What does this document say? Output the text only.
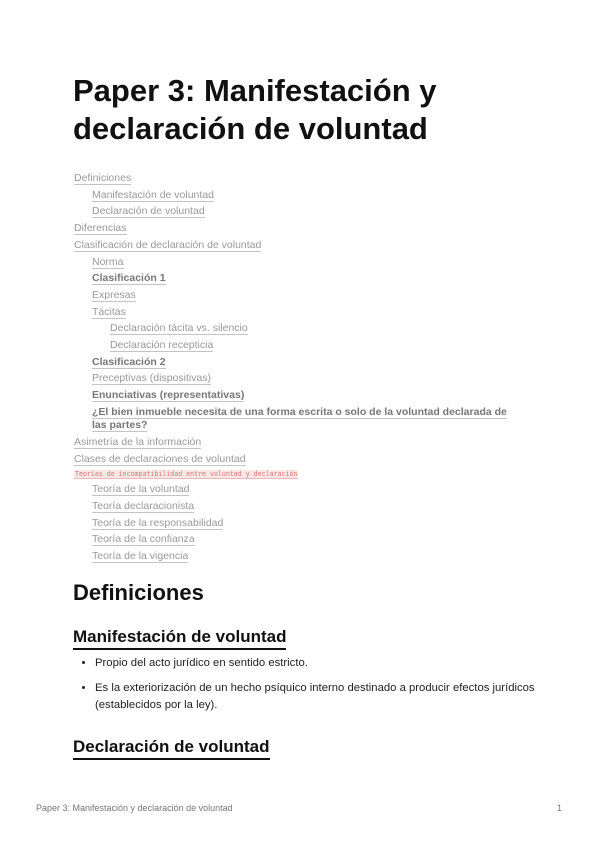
Paper 3: Manifestación y declaración de voluntad
Definiciones
Manifestación de voluntad
Declaración de voluntad
Diferencias
Clasificación de declaración de voluntad
Norma
Clasificación 1
Expresas
Tácitas
Declaración tácita vs. silencio
Declaración recepticia
Clasificación 2
Preceptivas (dispositivas)
Enunciativas (representativas)
¿El bien inmueble necesita de una forma escrita o solo de la voluntad declarada de las partes?
Asimetría de la información
Clases de declaraciones de voluntad
Teorías de incompatibilidad entre voluntad y declaración
Teoría de la voluntad
Teoría declaracionista
Teoría de la responsabilidad
Teoría de la confianza
Teoría de la vigencia
Definiciones
Manifestación de voluntad
• Propio del acto jurídico en sentido estricto.
• Es la exteriorización de un hecho psíquico interno destinado a producir efectos jurídicos (establecidos por la ley).
Declaración de voluntad
Paper 3: Manifestación y declaración de voluntad	1
